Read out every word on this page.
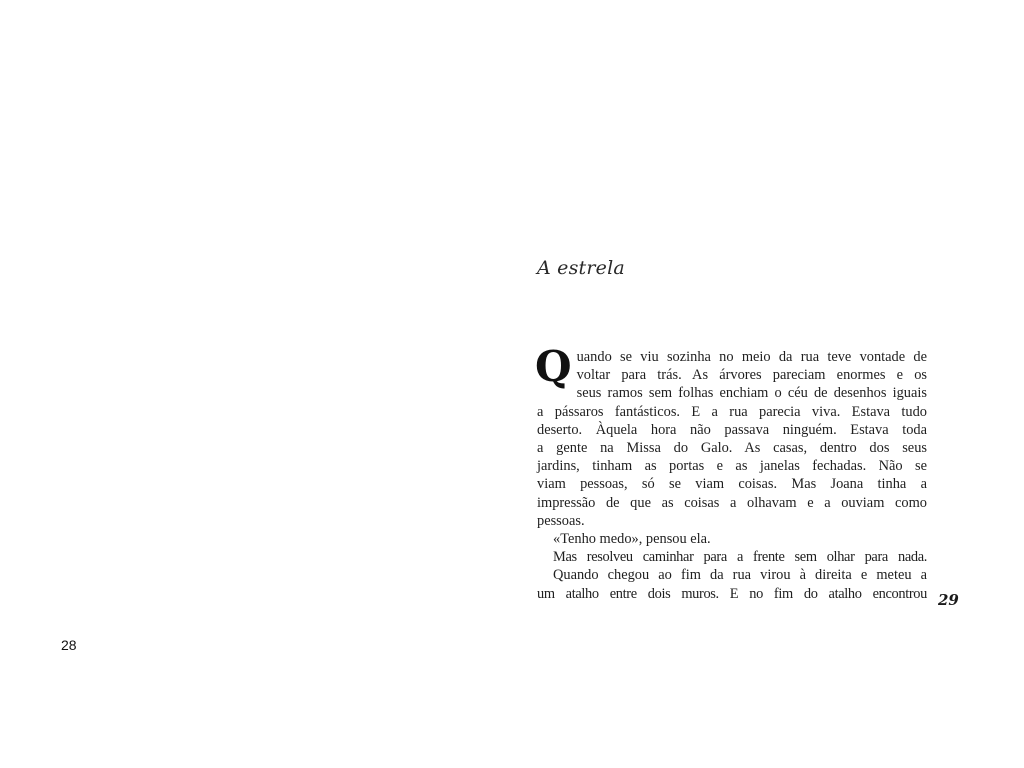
28
A estrela
Q uando se viu sozinha no meio da rua teve vontade de
voltar para trás. As árvores pareciam enormes e os
seus ramos sem folhas enchiam o céu de desenhos iguais
a pássaros fantásticos. E a rua parecia viva. Estava tudo
deserto. Àquela hora não passava ninguém. Estava toda
a gente na Missa do Galo. As casas, dentro dos seus
jardins, tinham as portas e as janelas fechadas. Não se
viam pessoas, só se viam coisas. Mas Joana tinha a
impressão de que as coisas a olhavam e a ouviam como
pessoas.
«Tenho medo», pensou ela.
Mas resolveu caminhar para a frente sem olhar para nada.
Quando chegou ao fim da rua virou à direita e meteu a
um atalho entre dois muros. E no fim do atalho encontrou 29
